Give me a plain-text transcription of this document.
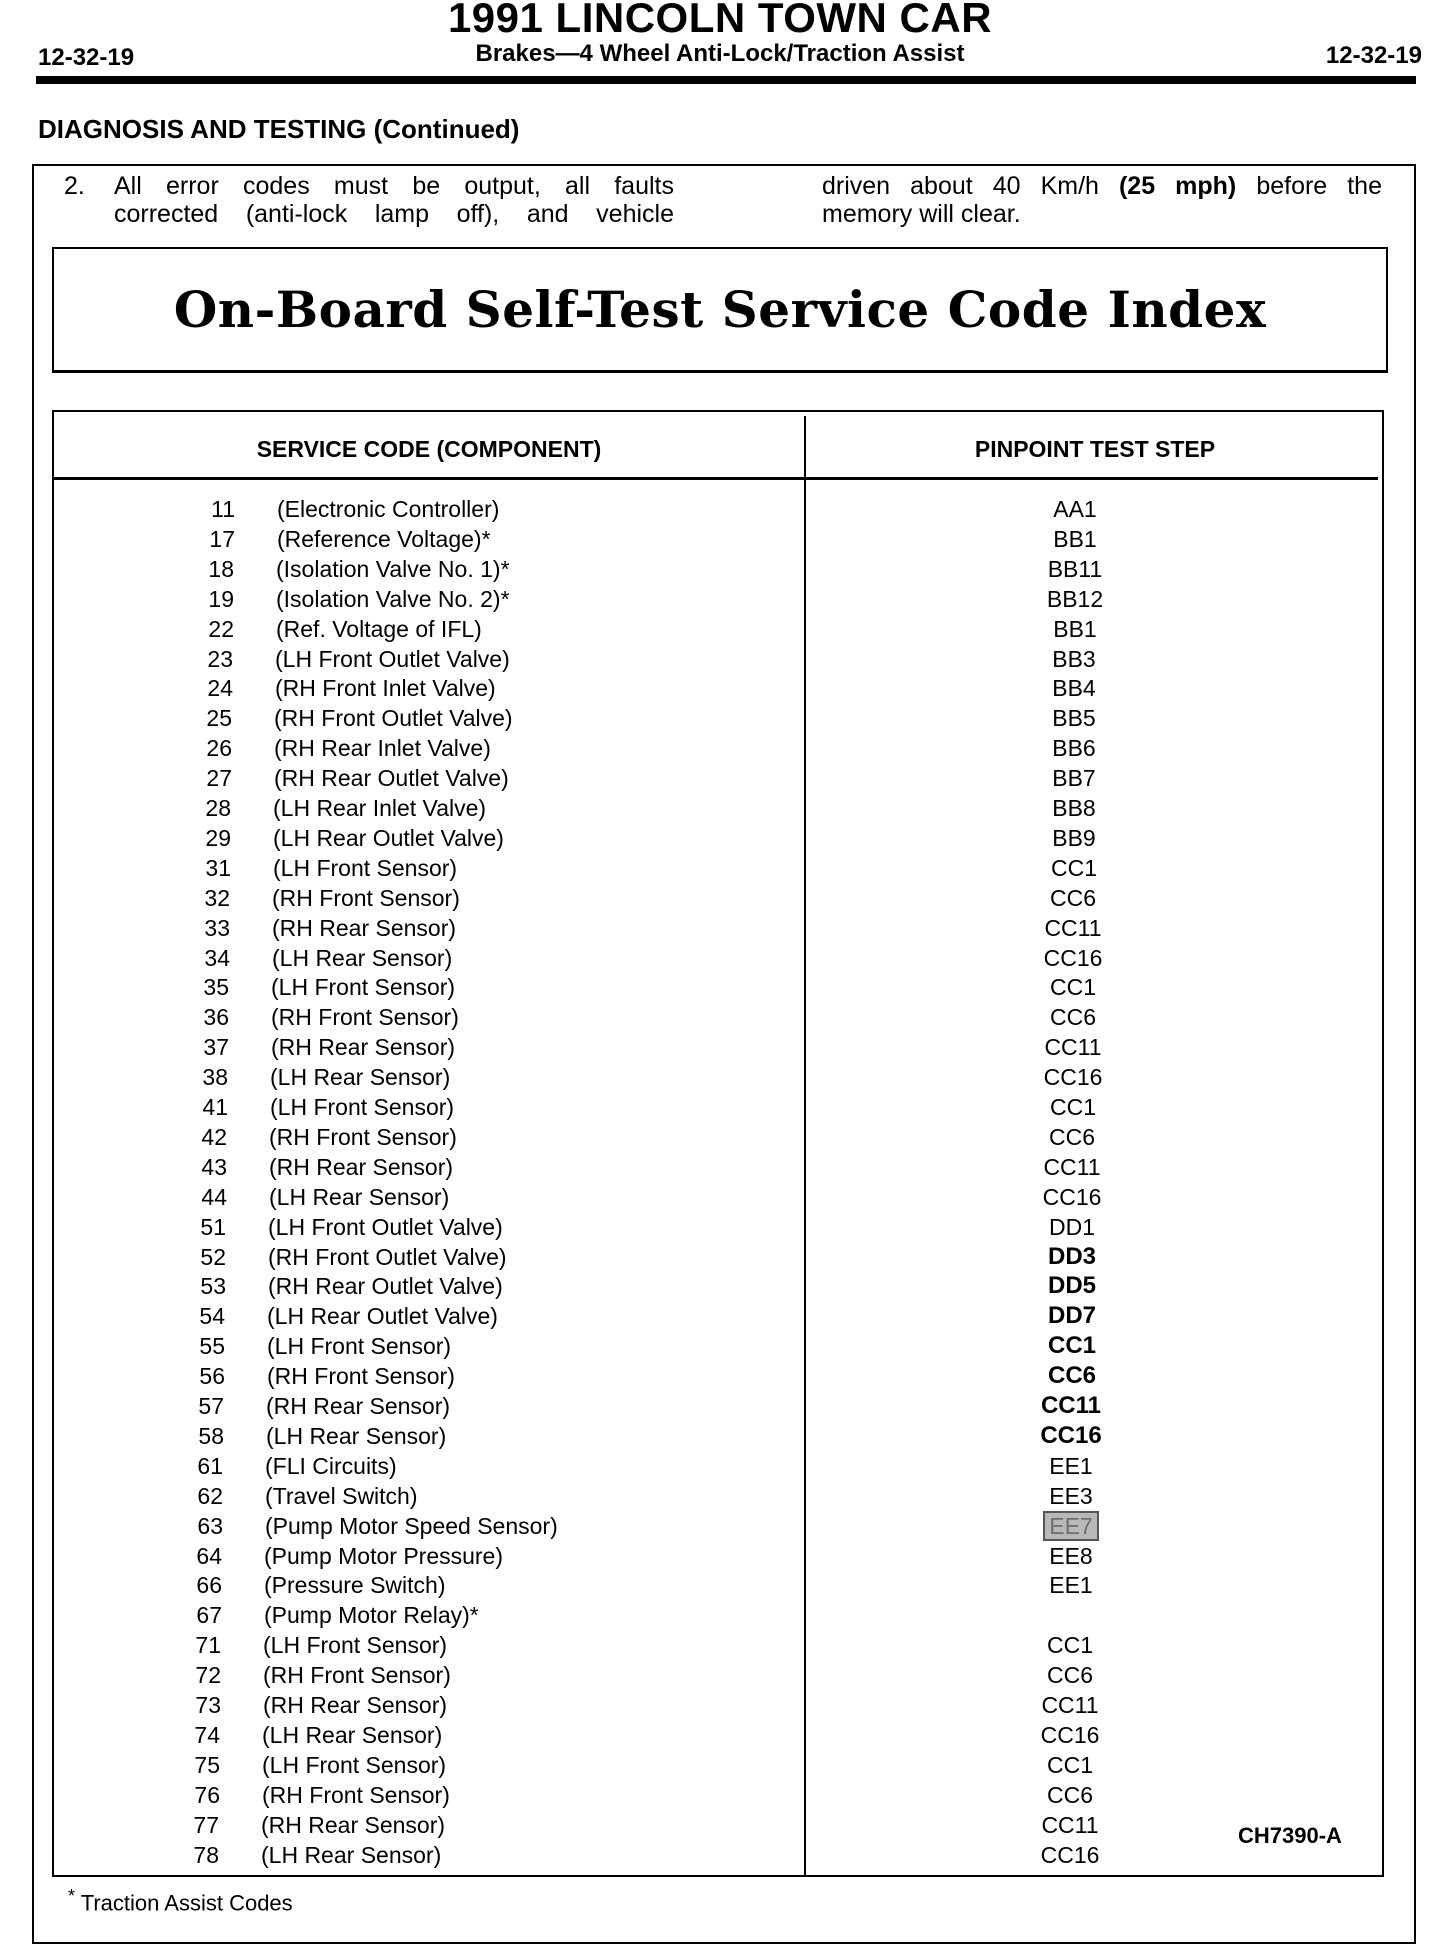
1991 LINCOLN TOWN CAR
Brakes—4 Wheel Anti-Lock/Traction Assist
12-32-19	12-32-19
DIAGNOSIS AND TESTING (Continued)
2. All error codes must be output, all faults
corrected (anti-lock lamp off), and vehicle
driven about 40 Km/h (25 mph) before the
memory will clear.
On-Board Self-Test Service Code Index
SERVICE CODE (COMPONENT)	PINPOINT TEST STEP
11 (Electronic Controller)	AA1
17 (Reference Voltage)*	BB1
18 (Isolation Valve No. 1)*	BB11
19 (Isolation Valve No. 2)*	BB12
22 (Ref. Voltage of IFL)	BB1
23 (LH Front Outlet Valve)	BB3
24 (RH Front Inlet Valve)	BB4
25 (RH Front Outlet Valve)	BB5
26 (RH Rear Inlet Valve)	BB6
27 (RH Rear Outlet Valve)	BB7
28 (LH Rear Inlet Valve)	BB8
29 (LH Rear Outlet Valve)	BB9
31 (LH Front Sensor)	CC1
32 (RH Front Sensor)	CC6
33 (RH Rear Sensor)	CC11
34 (LH Rear Sensor)	CC16
35 (LH Front Sensor)	CC1
36 (RH Front Sensor)	CC6
37 (RH Rear Sensor)	CC11
38 (LH Rear Sensor)	CC16
41 (LH Front Sensor)	CC1
42 (RH Front Sensor)	CC6
43 (RH Rear Sensor)	CC11
44 (LH Rear Sensor)	CC16
51 (LH Front Outlet Valve)	DD1
52 (RH Front Outlet Valve)	DD3
53 (RH Rear Outlet Valve)	DD5
54 (LH Rear Outlet Valve)	DD7
55 (LH Front Sensor)	CC1
56 (RH Front Sensor)	CC6
57 (RH Rear Sensor)	CC11
58 (LH Rear Sensor)	CC16
61 (FLI Circuits)	EE1
62 (Travel Switch)	EE3
63 (Pump Motor Speed Sensor)	EE7
64 (Pump Motor Pressure)	EE8
66 (Pressure Switch)	EE1
67 (Pump Motor Relay)*
71 (LH Front Sensor)	CC1
72 (RH Front Sensor)	CC6
73 (RH Rear Sensor)	CC11
74 (LH Rear Sensor)	CC16
75 (LH Front Sensor)	CC1
76 (RH Front Sensor)	CC6
77 (RH Rear Sensor)	CC11
78 (LH Rear Sensor)	CC16
CH7390-A
* Traction Assist Codes
